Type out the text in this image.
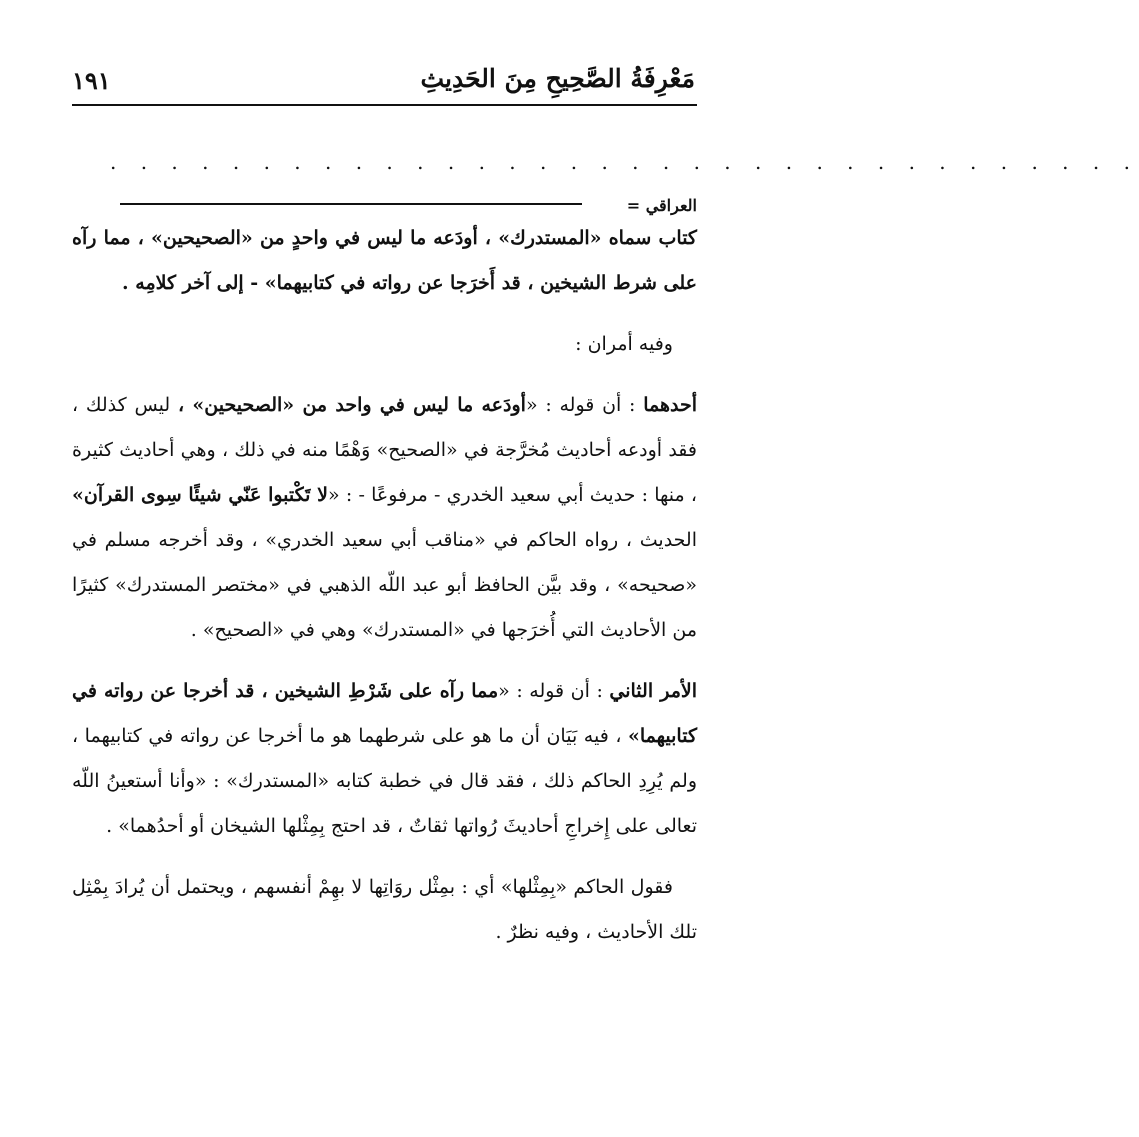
مَعْرِفَةُ الصَّحِيحِ مِنَ الحَدِيثِ
١٩١
. . . . . . . . . . . . . . . . . . . . . . . . . . . . . . . . . .
العراقي =

كتاب سماه «المستدرك» ، أودَعه ما ليس في واحدٍ من «الصحيحين» ، مما رآه على شرط الشيخين ، قد أَخرَجا عن رواته في كتابيهما» - إلى آخر كلامِه .

وفيه أمران :

أحدهما : أن قوله : «أودَعه ما ليس في واحد من «الصحيحين» ، ليس كذلك ، فقد أودعه أحاديث مُخرَّجة في «الصحيح» وَهْمًا منه في ذلك ، وهي أحاديث كثيرة ، منها : حديث أبي سعيد الخدري - مرفوعًا - : «لا تَكْتبوا عَنّي شيئًا سِوى القرآن» الحديث ، رواه الحاكم في «مناقب أبي سعيد الخدري» ، وقد أخرجه مسلم في «صحيحه» ، وقد بيَّن الحافظ أبو عبد اللّه الذهبي في «مختصر المستدرك» كثيرًا من الأحاديث التي أُخرَجها في «المستدرك» وهي في «الصحيح» .

الأمر الثاني : أن قوله : «مما رآه على شَرْطِ الشيخين ، قد أخرجا عن رواته في كتابيهما» ، فيه بَيَان أن ما هو على شرطهما هو ما أخرجا عن رواته في كتابيهما ، ولم يُرِدِ الحاكم ذلك ، فقد قال في خطبة كتابه «المستدرك» : «وأنا أستعينُ اللّه تعالى على إِخراجِ أحاديثَ رُواتها ثقاتٌ ، قد احتج بِمِثْلها الشيخان أو أحدُهما» .

فقول الحاكم «بِمِثْلها» أي : بمِثْل روَاتِها لا بهِمْ أنفسهم ، ويحتمل أن يُرادَ بِمْثِل تلك الأحاديث ، وفيه نظرٌ .
